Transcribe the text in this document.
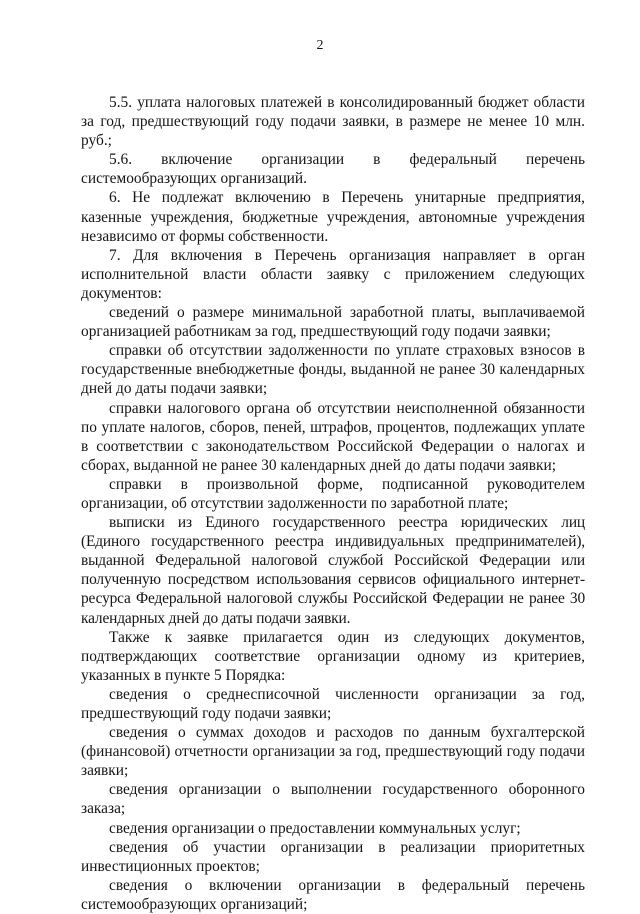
2

5.5. уплата налоговых платежей в консолидированный бюджет области за год, предшествующий году подачи заявки, в размере не менее 10 млн. руб.;

5.6. включение организации в федеральный перечень системообразующих организаций.

6. Не подлежат включению в Перечень унитарные предприятия, казенные учреждения, бюджетные учреждения, автономные учреждения независимо от формы собственности.

7. Для включения в Перечень организация направляет в орган исполнительной власти области заявку с приложением следующих документов:

сведений о размере минимальной заработной платы, выплачиваемой организацией работникам за год, предшествующий году подачи заявки;

справки об отсутствии задолженности по уплате страховых взносов в государственные внебюджетные фонды, выданной не ранее 30 календарных дней до даты подачи заявки;

справки налогового органа об отсутствии неисполненной обязанности по уплате налогов, сборов, пеней, штрафов, процентов, подлежащих уплате в соответствии с законодательством Российской Федерации о налогах и сборах, выданной не ранее 30 календарных дней до даты подачи заявки;

справки в произвольной форме, подписанной руководителем организации, об отсутствии задолженности по заработной плате;

выписки из Единого государственного реестра юридических лиц (Единого государственного реестра индивидуальных предпринимателей), выданной Федеральной налоговой службой Российской Федерации или полученную посредством использования сервисов официального интернет-ресурса Федеральной налоговой службы Российской Федерации не ранее 30 календарных дней до даты подачи заявки.

Также к заявке прилагается один из следующих документов, подтверждающих соответствие организации одному из критериев, указанных в пункте 5 Порядка:

сведения о среднесписочной численности организации за год, предшествующий году подачи заявки;

сведения о суммах доходов и расходов по данным бухгалтерской (финансовой) отчетности организации за год, предшествующий году подачи заявки;

сведения организации о выполнении государственного оборонного заказа;

сведения организации о предоставлении коммунальных услуг;

сведения об участии организации в реализации приоритетных инвестиционных проектов;

сведения о включении организации в федеральный перечень системообразующих организаций;
